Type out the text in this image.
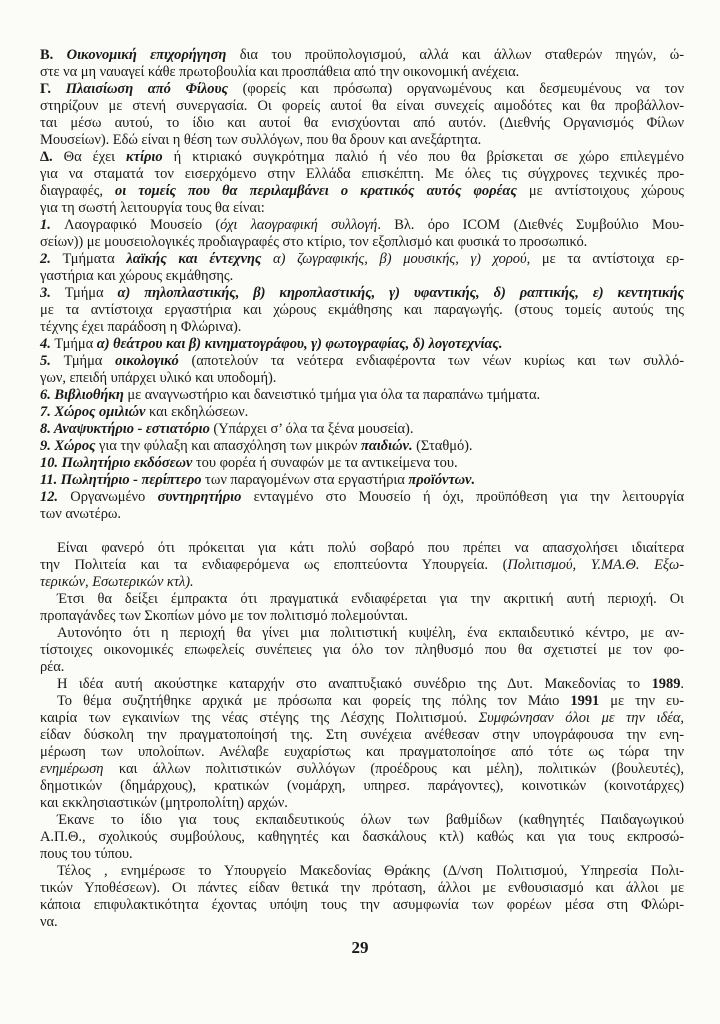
Β. Οικονομική επιχορήγηση δια του προϋπολογισμού, αλλά και άλλων σταθερών πηγών, ώ-
στε να μη ναυαγεί κάθε πρωτοβουλία και προσπάθεια από την οικονομική ανέχεια.
Γ. Πλαισίωση από Φίλους (φορείς και πρόσωπα) οργανωμένους και δεσμευμένους να τον
στηρίζουν με στενή συνεργασία. Οι φορείς αυτοί θα είναι συνεχείς αιμοδότες και θα προβάλλον-
ται μέσω αυτού, το ίδιο και αυτοί θα ενισχύονται από αυτόν. (Διεθνής Οργανισμός Φίλων
Μουσείων). Εδώ είναι η θέση των συλλόγων, που θα δρουν και ανεξάρτητα.
Δ. Θα έχει κτίριο ή κτιριακό συγκρότημα παλιό ή νέο που θα βρίσκεται σε χώρο επιλεγμένο
για να σταματά τον εισερχόμενο στην Ελλάδα επισκέπτη. Με όλες τις σύγχρονες τεχνικές προ-
διαγραφές, οι τομείς που θα περιλαμβάνει ο κρατικός αυτός φορέας με αντίστοιχους χώρους
για τη σωστή λειτουργία τους θα είναι:
1. Λαογραφικό Μουσείο (όχι λαογραφική συλλογή. Βλ. όρο ICOM (Διεθνές Συμβούλιο Μου-
σείων)) με μουσειολογικές προδιαγραφές στο κτίριο, τον εξοπλισμό και φυσικά το προσωπικό.
2. Τμήματα λαϊκής και έντεχνης α) ζωγραφικής, β) μουσικής, γ) χορού, με τα αντίστοιχα ερ-
γαστήρια και χώρους εκμάθησης.
3. Τμήμα α) πηλοπλαστικής, β) κηροπλαστικής, γ) υφαντικής, δ) ραπτικής, ε) κεντητικής
με τα αντίστοιχα εργαστήρια και χώρους εκμάθησης και παραγωγής. (στους τομείς αυτούς της
τέχνης έχει παράδοση η Φλώρινα).
4. Τμήμα α) θεάτρου και β) κινηματογράφου, γ) φωτογραφίας, δ) λογοτεχνίας.
5. Τμήμα οικολογικό (αποτελούν τα νεότερα ενδιαφέροντα των νέων κυρίως και των συλλό-
γων, επειδή υπάρχει υλικό και υποδομή).
6. Βιβλιοθήκη με αναγνωστήριο και δανειστικό τμήμα για όλα τα παραπάνω τμήματα.
7. Χώρος ομιλιών και εκδηλώσεων.
8. Αναψυκτήριο - εστιατόριο (Υπάρχει σ’ όλα τα ξένα μουσεία).
9. Χώρος για την φύλαξη και απασχόληση των μικρών παιδιών. (Σταθμό).
10. Πωλητήριο εκδόσεων του φορέα ή συναφών με τα αντικείμενα του.
11. Πωλητήριο - περίπτερο των παραγομένων στα εργαστήρια προϊόντων.
12. Οργανωμένο συντηρητήριο ενταγμένο στο Μουσείο ή όχι, προϋπόθεση για την λειτουργία
των ανωτέρω.
Είναι φανερό ότι πρόκειται για κάτι πολύ σοβαρό που πρέπει να απασχολήσει ιδιαίτερα
την Πολιτεία και τα ενδιαφερόμενα ως εποπτεύοντα Υπουργεία. (Πολιτισμού, Υ.ΜΑ.Θ. Εξω-
τερικών, Εσωτερικών κτλ).
Έτσι θα δείξει έμπρακτα ότι πραγματικά ενδιαφέρεται για την ακριτική αυτή περιοχή. Οι
προπαγάνδες των Σκοπίων μόνο με τον πολιτισμό πολεμούνται.
Αυτονόητο ότι η περιοχή θα γίνει μια πολιτιστική κυψέλη, ένα εκπαιδευτικό κέντρο, με αν-
τίστοιχες οικονομικές επωφελείς συνέπειες για όλο τον πληθυσμό που θα σχετιστεί με τον φο-
ρέα.
Η ιδέα αυτή ακούστηκε καταρχήν στο αναπτυξιακό συνέδριο της Δυτ. Μακεδονίας το 1989.
Το θέμα συζητήθηκε αρχικά με πρόσωπα και φορείς της πόλης τον Μάιο 1991 με την ευ-
καιρία των εγκαινίων της νέας στέγης της Λέσχης Πολιτισμού. Συμφώνησαν όλοι με την ιδέα,
είδαν δύσκολη την πραγματοποίησή της. Στη συνέχεια ανέθεσαν στην υπογράφουσα την ενη-
μέρωση των υπολοίπων. Ανέλαβε ευχαρίστως και πραγματοποίησε από τότε ως τώρα την
ενημέρωση και άλλων πολιτιστικών συλλόγων (προέδρους και μέλη), πολιτικών (βουλευτές),
δημοτικών (δημάρχους), κρατικών (νομάρχη, υπηρεσ. παράγοντες), κοινοτικών (κοινοτάρχες)
και εκκλησιαστικών (μητροπολίτη) αρχών.
Έκανε το ίδιο για τους εκπαιδευτικούς όλων των βαθμίδων (καθηγητές Παιδαγωγικού
Α.Π.Θ., σχολικούς συμβούλους, καθηγητές και δασκάλους κτλ) καθώς και για τους εκπροσώ-
πους του τύπου.
Τέλος , ενημέρωσε το Υπουργείο Μακεδονίας Θράκης (Δ/νση Πολιτισμού, Υπηρεσία Πολι-
τικών Υποθέσεων). Οι πάντες είδαν θετικά την πρόταση, άλλοι με ενθουσιασμό και άλλοι με
κάποια επιφυλακτικότητα έχοντας υπόψη τους την ασυμφωνία των φορέων μέσα στη Φλώρι-
να.
29
